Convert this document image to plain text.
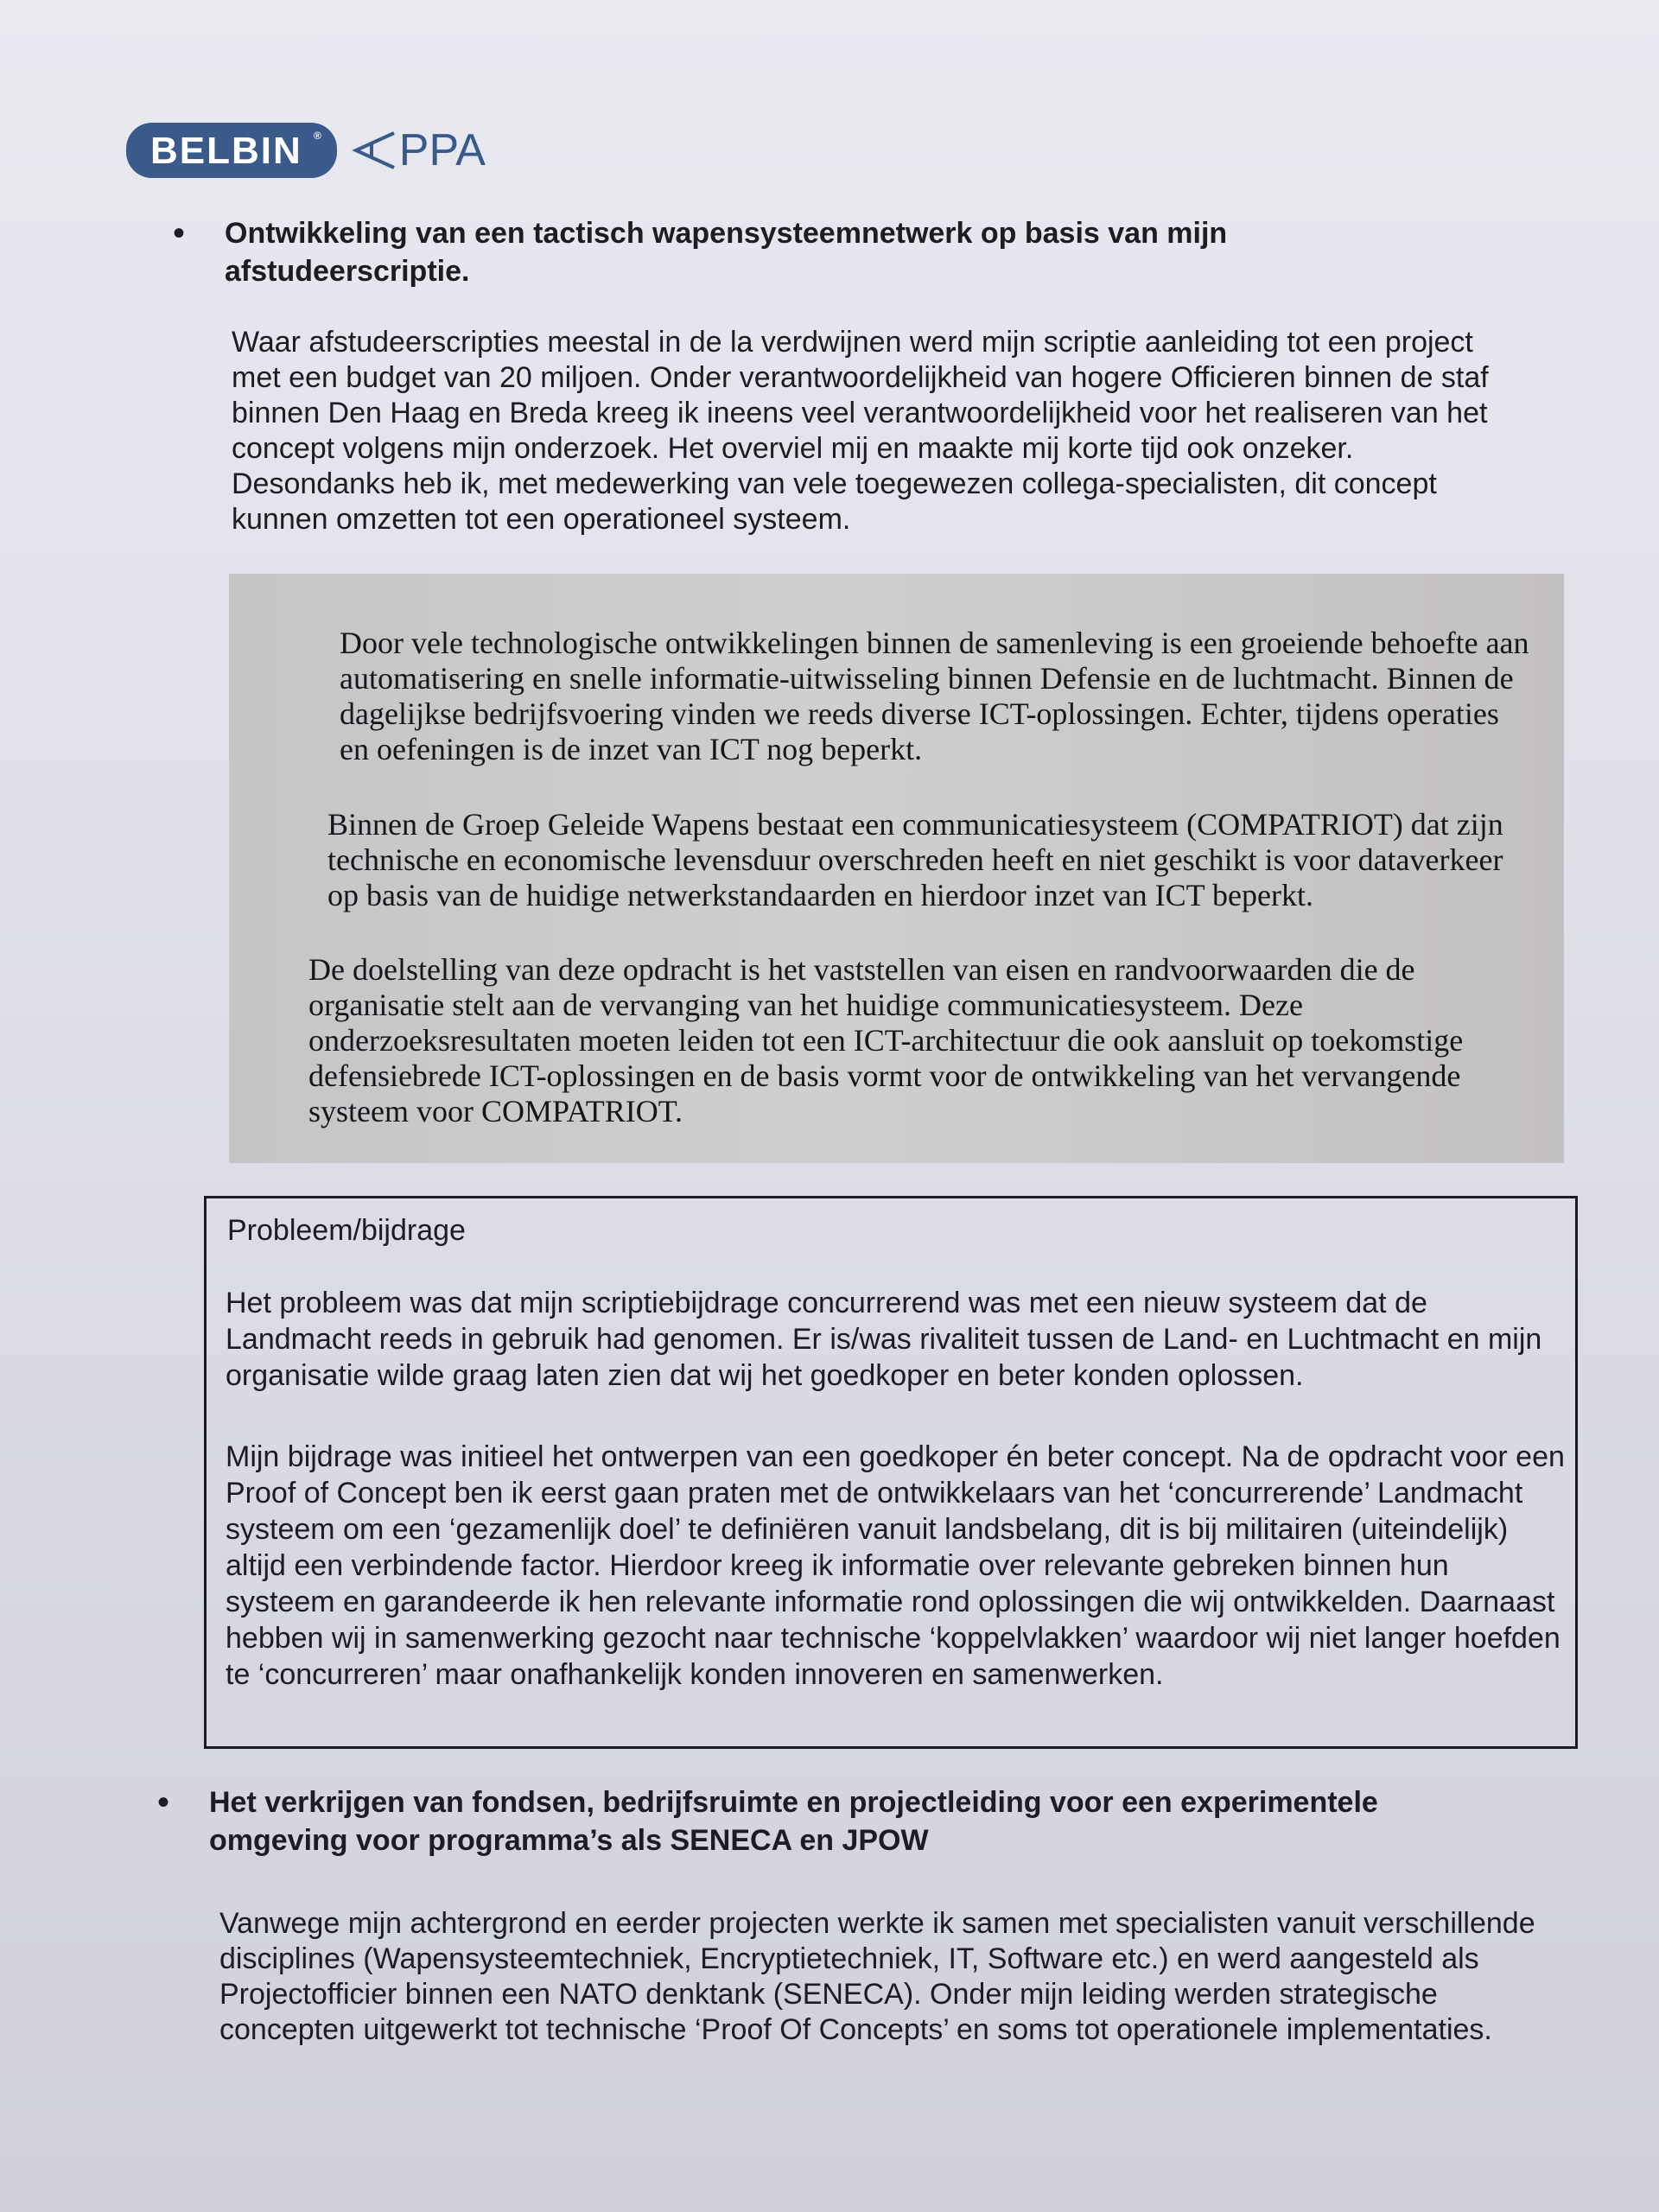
BELBIN ® PPA
•	Ontwikkeling van een tactisch wapensysteemnetwerk op basis van mijn afstudeerscriptie.
Waar afstudeerscripties meestal in de la verdwijnen werd mijn scriptie aanleiding tot een project met een budget van 20 miljoen. Onder verantwoordelijkheid van hogere Officieren binnen de staf binnen Den Haag en Breda kreeg ik ineens veel verantwoordelijkheid voor het realiseren van het concept volgens mijn onderzoek. Het overviel mij en maakte mij korte tijd ook onzeker. Desondanks heb ik, met medewerking van vele toegewezen collega-specialisten, dit concept kunnen omzetten tot een operationeel systeem.

Door vele technologische ontwikkelingen binnen de samenleving is een groeiende behoefte aan automatisering en snelle informatie-uitwisseling binnen Defensie en de luchtmacht. Binnen de dagelijkse bedrijfsvoering vinden we reeds diverse ICT-oplossingen. Echter, tijdens operaties en oefeningen is de inzet van ICT nog beperkt.

Binnen de Groep Geleide Wapens bestaat een communicatiesysteem (COMPATRIOT) dat zijn technische en economische levensduur overschreden heeft en niet geschikt is voor dataverkeer op basis van de huidige netwerkstandaarden en hierdoor inzet van ICT beperkt.

De doelstelling van deze opdracht is het vaststellen van eisen en randvoorwaarden die de organisatie stelt aan de vervanging van het huidige communicatiesysteem. Deze onderzoeksresultaten moeten leiden tot een ICT-architectuur die ook aansluit op toekomstige defensiebrede ICT-oplossingen en de basis vormt voor de ontwikkeling van het vervangende systeem voor COMPATRIOT.

Probleem/bijdrage

Het probleem was dat mijn scriptiebijdrage concurrerend was met een nieuw systeem dat de Landmacht reeds in gebruik had genomen. Er is/was rivaliteit tussen de Land- en Luchtmacht en mijn organisatie wilde graag laten zien dat wij het goedkoper en beter konden oplossen.

Mijn bijdrage was initieel het ontwerpen van een goedkoper én beter concept. Na de opdracht voor een Proof of Concept ben ik eerst gaan praten met de ontwikkelaars van het ‘concurrerende’ Landmacht systeem om een ‘gezamenlijk doel’ te definiëren vanuit landsbelang, dit is bij militairen (uiteindelijk) altijd een verbindende factor. Hierdoor kreeg ik informatie over relevante gebreken binnen hun systeem en garandeerde ik hen relevante informatie rond oplossingen die wij ontwikkelden. Daarnaast hebben wij in samenwerking gezocht naar technische ‘koppelvlakken’ waardoor wij niet langer hoefden te ‘concurreren’ maar onafhankelijk konden innoveren en samenwerken.

•	Het verkrijgen van fondsen, bedrijfsruimte en projectleiding voor een experimentele omgeving voor programma’s als SENECA en JPOW
Vanwege mijn achtergrond en eerder projecten werkte ik samen met specialisten vanuit verschillende disciplines (Wapensysteemtechniek, Encryptietechniek, IT, Software etc.) en werd aangesteld als Projectofficier binnen een NATO denktank (SENECA). Onder mijn leiding werden strategische concepten uitgewerkt tot technische ‘Proof Of Concepts’ en soms tot operationele implementaties.
